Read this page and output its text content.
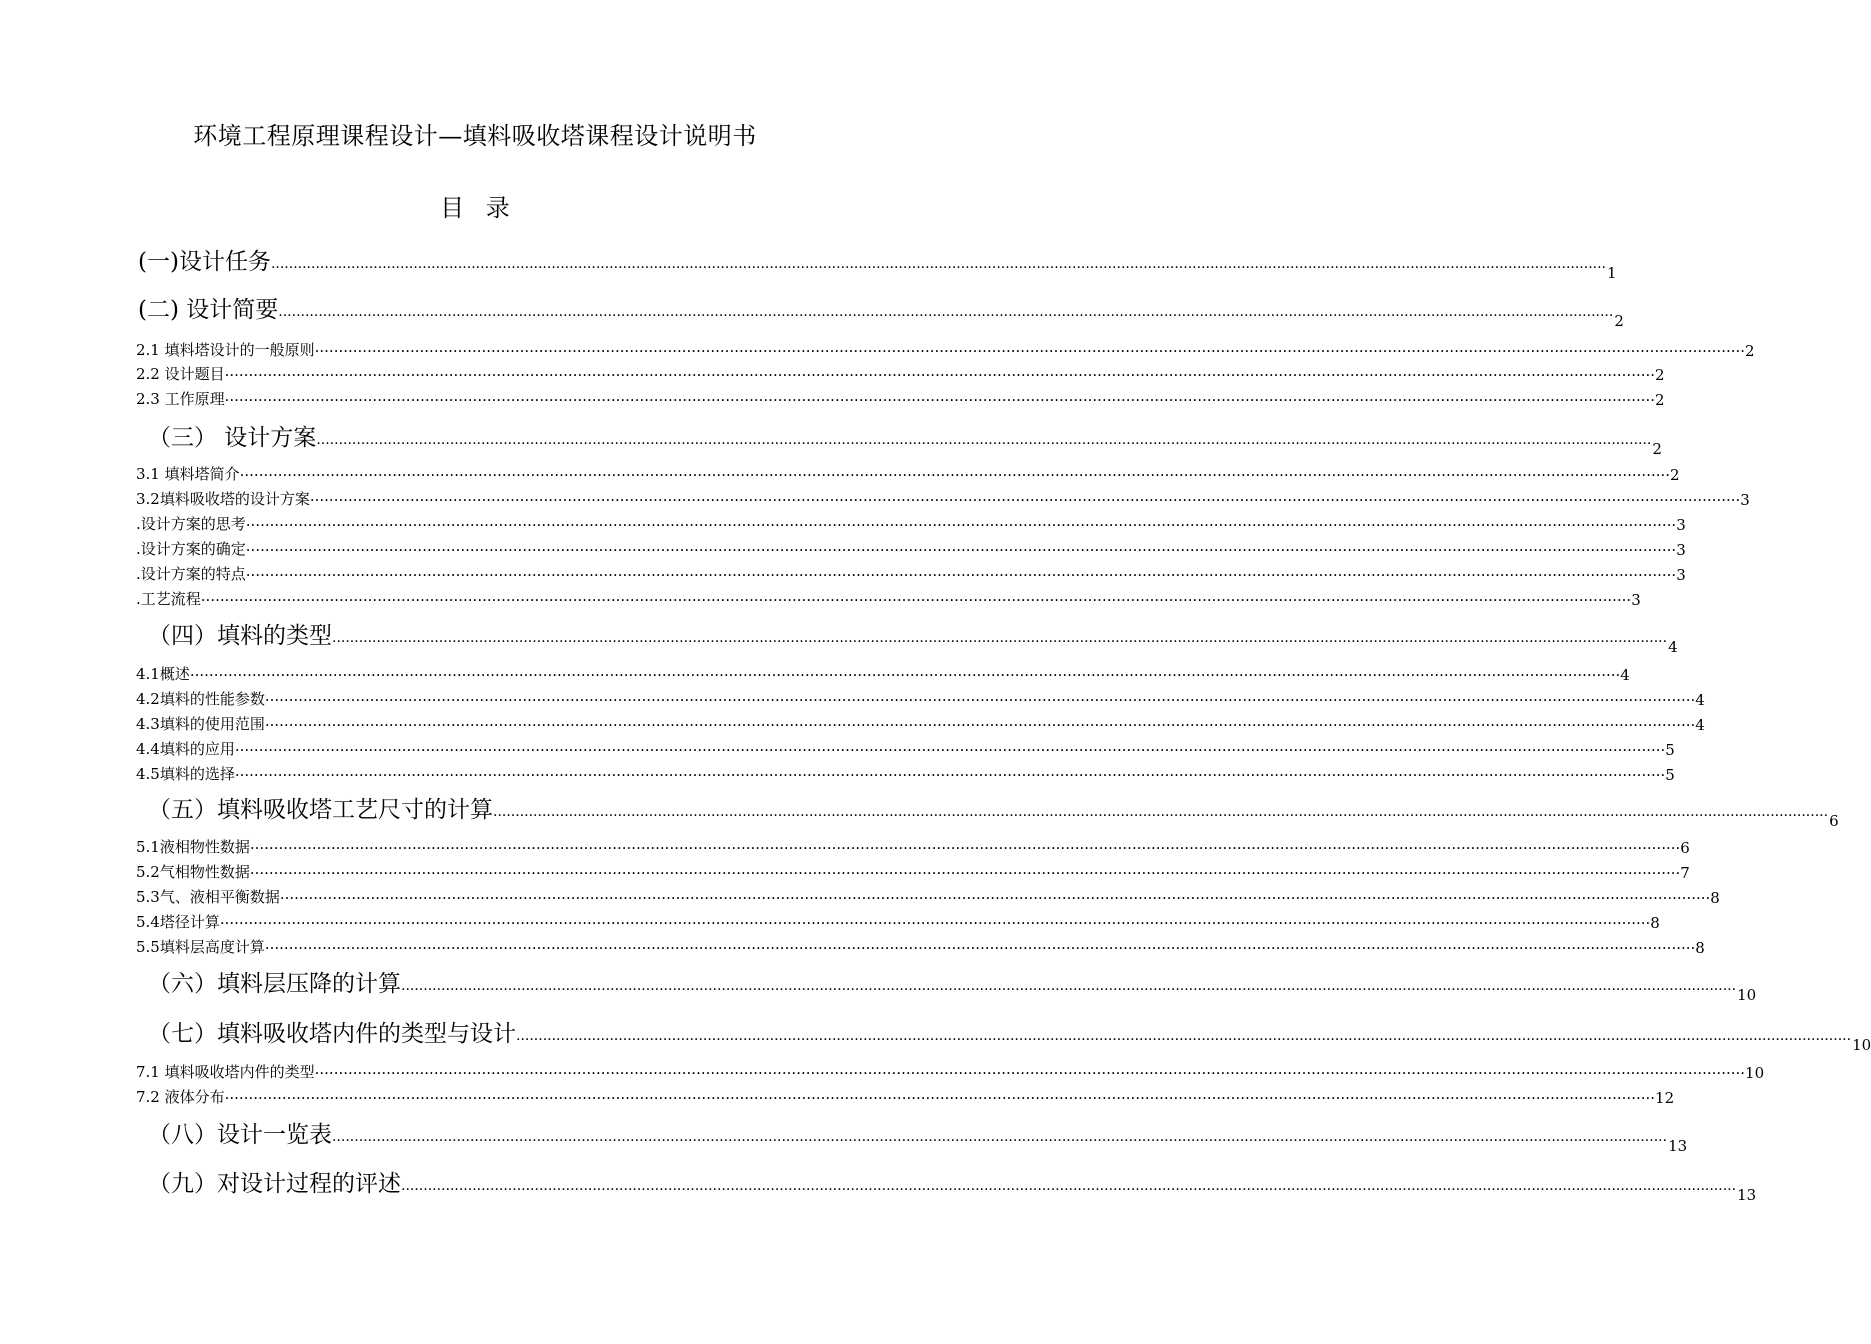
环境工程原理课程设计—填料吸收塔课程设计说明书
目 录
(一)设计任务 ............................................................................................................................................................................................................................................................................................................ 1
(二) 设计简要 ............................................................................................................................................................................................................................................................................................................ 2
2.1 填料塔设计的一般原则 ············································································································································································································································································································ 2
2.2 设计题目 ············································································································································································································································································································ 2
2.3 工作原理 ············································································································································································································································································································ 2
（三） 设计方案 ............................................................................................................................................................................................................................................................................................................ 2
3.1 填料塔简介 ············································································································································································································································································································ 2
3.2填料吸收塔的设计方案 ············································································································································································································································································································ 3
.设计方案的思考 ············································································································································································································································································································ 3
.设计方案的确定 ············································································································································································································································································································ 3
.设计方案的特点 ············································································································································································································································································································ 3
.工艺流程 ············································································································································································································································································································ 3
（四）填料的类型 ............................................................................................................................................................................................................................................................................................................ 4
4.1概述 ············································································································································································································································································································ 4
4.2填料的性能参数 ············································································································································································································································································································ 4
4.3填料的使用范围 ············································································································································································································································································································ 4
4.4填料的应用 ············································································································································································································································································································ 5
4.5填料的选择 ············································································································································································································································································································ 5
（五）填料吸收塔工艺尺寸的计算 ............................................................................................................................................................................................................................................................................................................ 6
5.1液相物性数据 ············································································································································································································································································································ 6
5.2气相物性数据 ············································································································································································································································································································ 7
5.3气、液相平衡数据 ············································································································································································································································································································ 8
5.4塔径计算 ············································································································································································································································································································ 8
5.5填料层高度计算 ············································································································································································································································································································ 8
（六）填料层压降的计算 ............................................................................................................................................................................................................................................................................................................ 10
（七）填料吸收塔内件的类型与设计 ............................................................................................................................................................................................................................................................................................................ 10
7.1 填料吸收塔内件的类型 ············································································································································································································································································································ 10
7.2 液体分布 ············································································································································································································································································································ 12
（八）设计一览表 ............................................................................................................................................................................................................................................................................................................ 13
（九）对设计过程的评述 ............................................................................................................................................................................................................................................................................................................ 13
